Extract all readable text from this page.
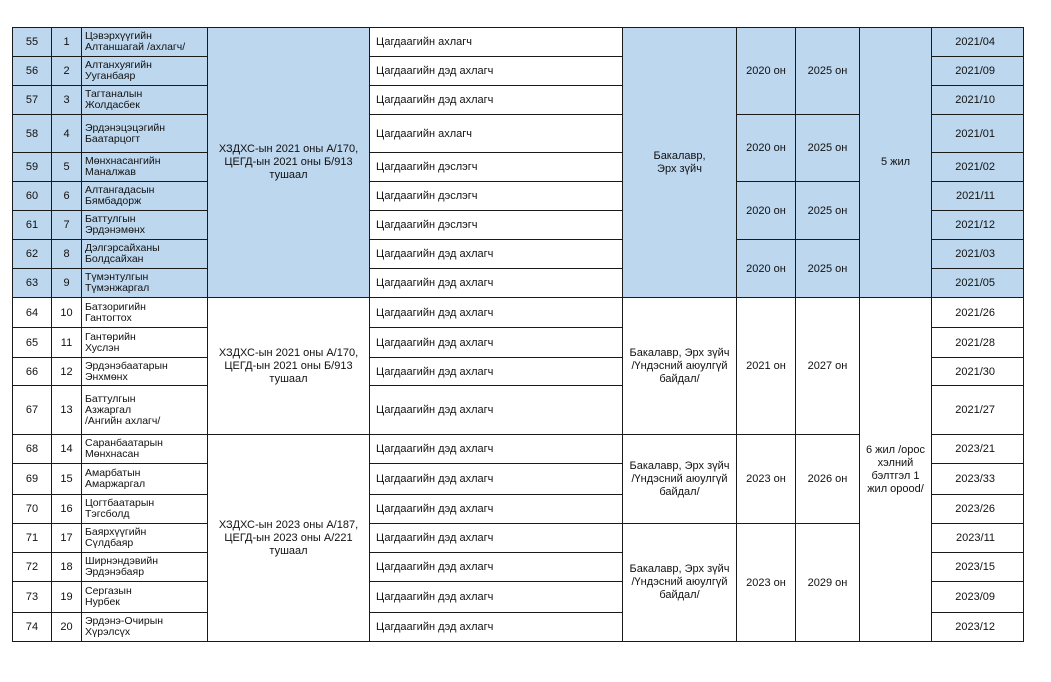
55	1	Цэвэрхүүгийн
Алтаншагай /ахлагч/	ХЗДХС-ын 2021 оны А/170,
ЦЕГД-ын 2021 оны Б/913
тушаал	Цагдаагийн ахлагч	Бакалавр,
Эрх зүйч	2020 он	2025 он	5 жил	2021/04
56	2	Алтанхуягийн
Ууганбаяр		Цагдаагийн дэд ахлагч					2021/09
57	3	Тагтаналын
Жолдасбек		Цагдаагийн дэд ахлагч					2021/10
58	4	Эрдэнэцэцэгийн
Баатарцогт		Цагдаагийн ахлагч		2020 он	2025 он		2021/01
59	5	Мөнхнасангийн
Маналжав		Цагдаагийн дэслэгч					2021/02
60	6	Алтангадасын
Бямбадорж		Цагдаагийн дэслэгч		2020 он	2025 он		2021/11
61	7	Баттулгын
Эрдэнэмөнх		Цагдаагийн дэслэгч					2021/12
62	8	Дэлгэрсайханы
Болдсайхан		Цагдаагийн дэд ахлагч		2020 он	2025 он		2021/03
63	9	Түмэнтулгын
Түмэнжаргал		Цагдаагийн дэд ахлагч					2021/05
64	10	Батзоригийн
Гантогтох	ХЗДХС-ын 2021 оны А/170,
ЦЕГД-ын 2021 оны Б/913
тушаал	Цагдаагийн дэд ахлагч	Бакалавр, Эрх зүйч
/Үндэсний аюулгүй
байдал/	2021 он	2027 он	6 жил /орос
хэлний
бэлтгэл 1
жил орood/	2021/26
65	11	Гантөрийн
Хуслэн		Цагдаагийн дэд ахлагч					2021/28
66	12	Эрдэнэбаатарын
Энхмөнх		Цагдаагийн дэд ахлагч					2021/30
67	13	Баттулгын
Азжаргал
/Ангийн ахлагч/		Цагдаагийн дэд ахлагч					2021/27
68	14	Саранбаатарын
Мөнхнасан	ХЗДХС-ын 2023 оны А/187,
ЦЕГД-ын 2023 оны А/221
тушаал	Цагдаагийн дэд ахлагч	Бакалавр, Эрх зүйч
/Үндэсний аюулгүй
байдал/	2023 он	2026 он		2023/21
69	15	Амарбатын
Амаржаргал		Цагдаагийн дэд ахлагч					2023/33
70	16	Цогтбаатарын
Тэгсболд		Цагдаагийн дэд ахлагч					2023/26
71	17	Баярхүүгийн
Сүлдбаяр		Цагдаагийн дэд ахлагч	Бакалавр, Эрх зүйч
/Үндэсний аюулгүй
байдал/	2023 он	2029 он		2023/11
72	18	Ширнэндэвийн
Эрдэнэбаяр		Цагдаагийн дэд ахлагч					2023/15
73	19	Сергазын
Нурбек		Цагдаагийн дэд ахлагч					2023/09
74	20	Эрдэнэ-Очирын
Хүрэлсүх		Цагдаагийн дэд ахлагч					2023/12
